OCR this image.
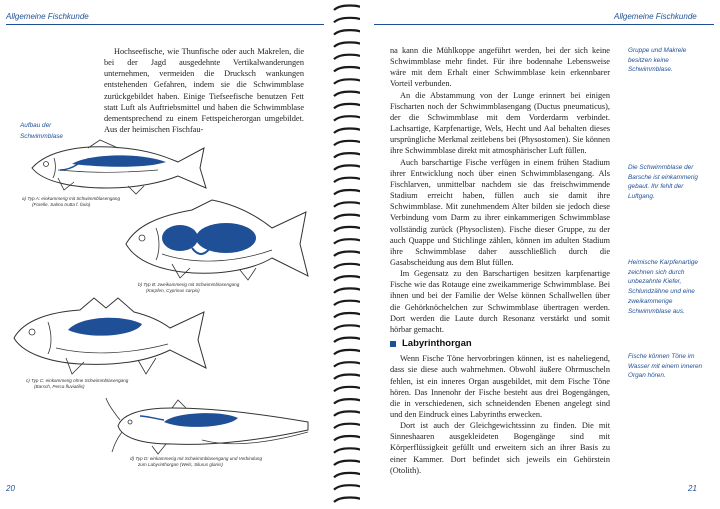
Allgemeine Fischkunde

Hochseefische, wie Thunfische oder auch Makrelen, die bei der Jagd ausgedehnte Vertikalwanderungen unternehmen, vermeiden die Drucksch wankungen entstehenden Gefahren, indem sie die Schwimmblase zurückgebildet haben. Einige Tiefseefische benutzen Fett statt Luft als Auftriebsmittel und haben die Schwimmblase dementsprechend zu einem Fettspeicherorgan umgebildet. Aus der heimischen Fischfau-

Aufbau der
Schwimmblase
a) Typ A: einkammerig mit Schwimmblasengang
(Forelle, Salmo trutta f. fario)
b) Typ B: zweikammerig mit Schwimmblasengang
(Karpfen, Cyprinus carpio)
c) Typ C: einkammerig ohne Schwimmblasengang
(Barsch, Perca fluviatilis)
d) Typ D: einkammerig mit Schwimmblasengang und Verbindung
zum Labyrinthorgan (Wels, Silurus glanis)
20
Allgemeine Fischkunde

na kann die Mühlkoppe angeführt werden, bei der sich keine Schwimmblase mehr findet. Für ihre bodennahe Lebensweise wäre mit dem Erhalt einer Schwimmblase kein erkennbarer Vorteil verbunden.

An die Abstammung von der Lunge erinnert bei einigen Fischarten noch der Schwimmblasengang (Ductus pneumaticus), der die Schwimmblase mit dem Vorderdarm verbindet. Lachsartige, Karpfenartige, Wels, Hecht und Aal behalten dieses ursprüngliche Merkmal zeitlebens bei (Physostomen). Sie können ihre Schwimmblase direkt mit atmosphärischer Luft füllen.

Auch barschartige Fische verfügen in einem frühen Stadium ihrer Entwicklung noch über einen Schwimmblasengang. Als Fischlarven, unmittelbar nachdem sie das freischwimmende Stadium erreicht haben, füllen auch sie damit ihre Schwimmblase. Mit zunehmendem Alter bilden sie jedoch diese Verbindung vom Darm zu ihrer einkammerigen Schwimmblase vollständig zurück (Physoclisten). Fische dieser Gruppe, zu der auch Quappe und Stichlinge zählen, können im adulten Stadium ihre Schwimmblase daher ausschließlich durch die Gasabscheidung aus dem Blut füllen.

Im Gegensatz zu den Barschartigen besitzen karpfenartige Fische wie das Rotauge eine zweikammerige Schwimmblase. Bei ihnen und bei der Familie der Welse können Schallwellen über die Gehörknöchelchen zur Schwimmblase übertragen werden. Dort werden die Laute durch Resonanz verstärkt und somit hörbar gemacht.

Labyrinthorgan

Wenn Fische Töne hervorbringen können, ist es naheliegend, dass sie diese auch wahrnehmen. Obwohl äußere Ohrmuscheln fehlen, ist ein inneres Organ ausgebildet, mit dem Fische Töne hören. Das Innenohr der Fische besteht aus drei Bogengängen, die in verschiedenen, sich schneidenden Ebenen angelegt sind und den Eindruck eines Labyrinths erwecken.

Dort ist auch der Gleichgewichtssinn zu finden. Die mit Sinneshaaren ausgekleideten Bogengänge sind mit Körperflüssigkeit gefüllt und erweitern sich an ihrer Basis zu einer Kammer. Dort befindet sich jeweils ein Gehörstein (Otolith).

21
Gruppe und Makrele besitzen keine Schwimmblase.
Die Schwimmblase der Barsche ist einkammerig gebaut. Ihr fehlt der Luftgang.
Heimische Karpfenartige zeichnen sich durch unbezahnte Kiefer, Schlundzähne und eine zweikammerige Schwimmblase aus.
Fische können Töne im Wasser mit einem inneren Organ hören.
